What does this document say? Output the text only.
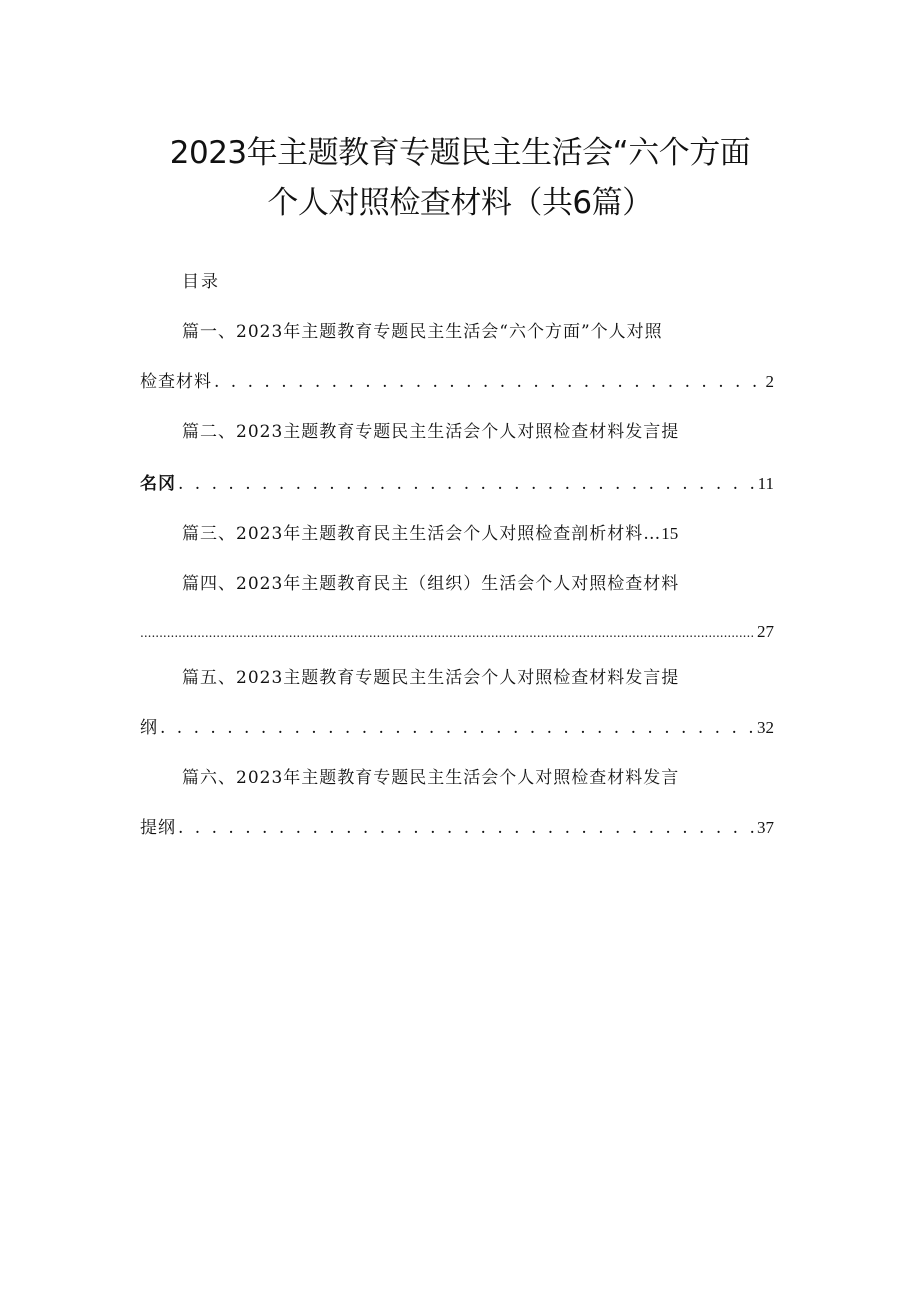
2023年主题教育专题民主生活会“六个方面
个人对照检查材料（共6篇）
目录
篇一、2023年主题教育专题民主生活会“六个方面”个人对照
检查材料 . . .	2
篇二、2023主题教育专题民主生活会个人对照检查材料发言提
名冈 . . .	11
篇三、2023年主题教育民主生活会个人对照检查剖析材料…15
篇四、2023年主题教育民主（组织）生活会个人对照检查材料
.....
27
篇五、2023主题教育专题民主生活会个人对照检查材料发言提
纲 . . .	32
篇六、2023年主题教育专题民主生活会个人对照检查材料发言
提纲 . . .	37
